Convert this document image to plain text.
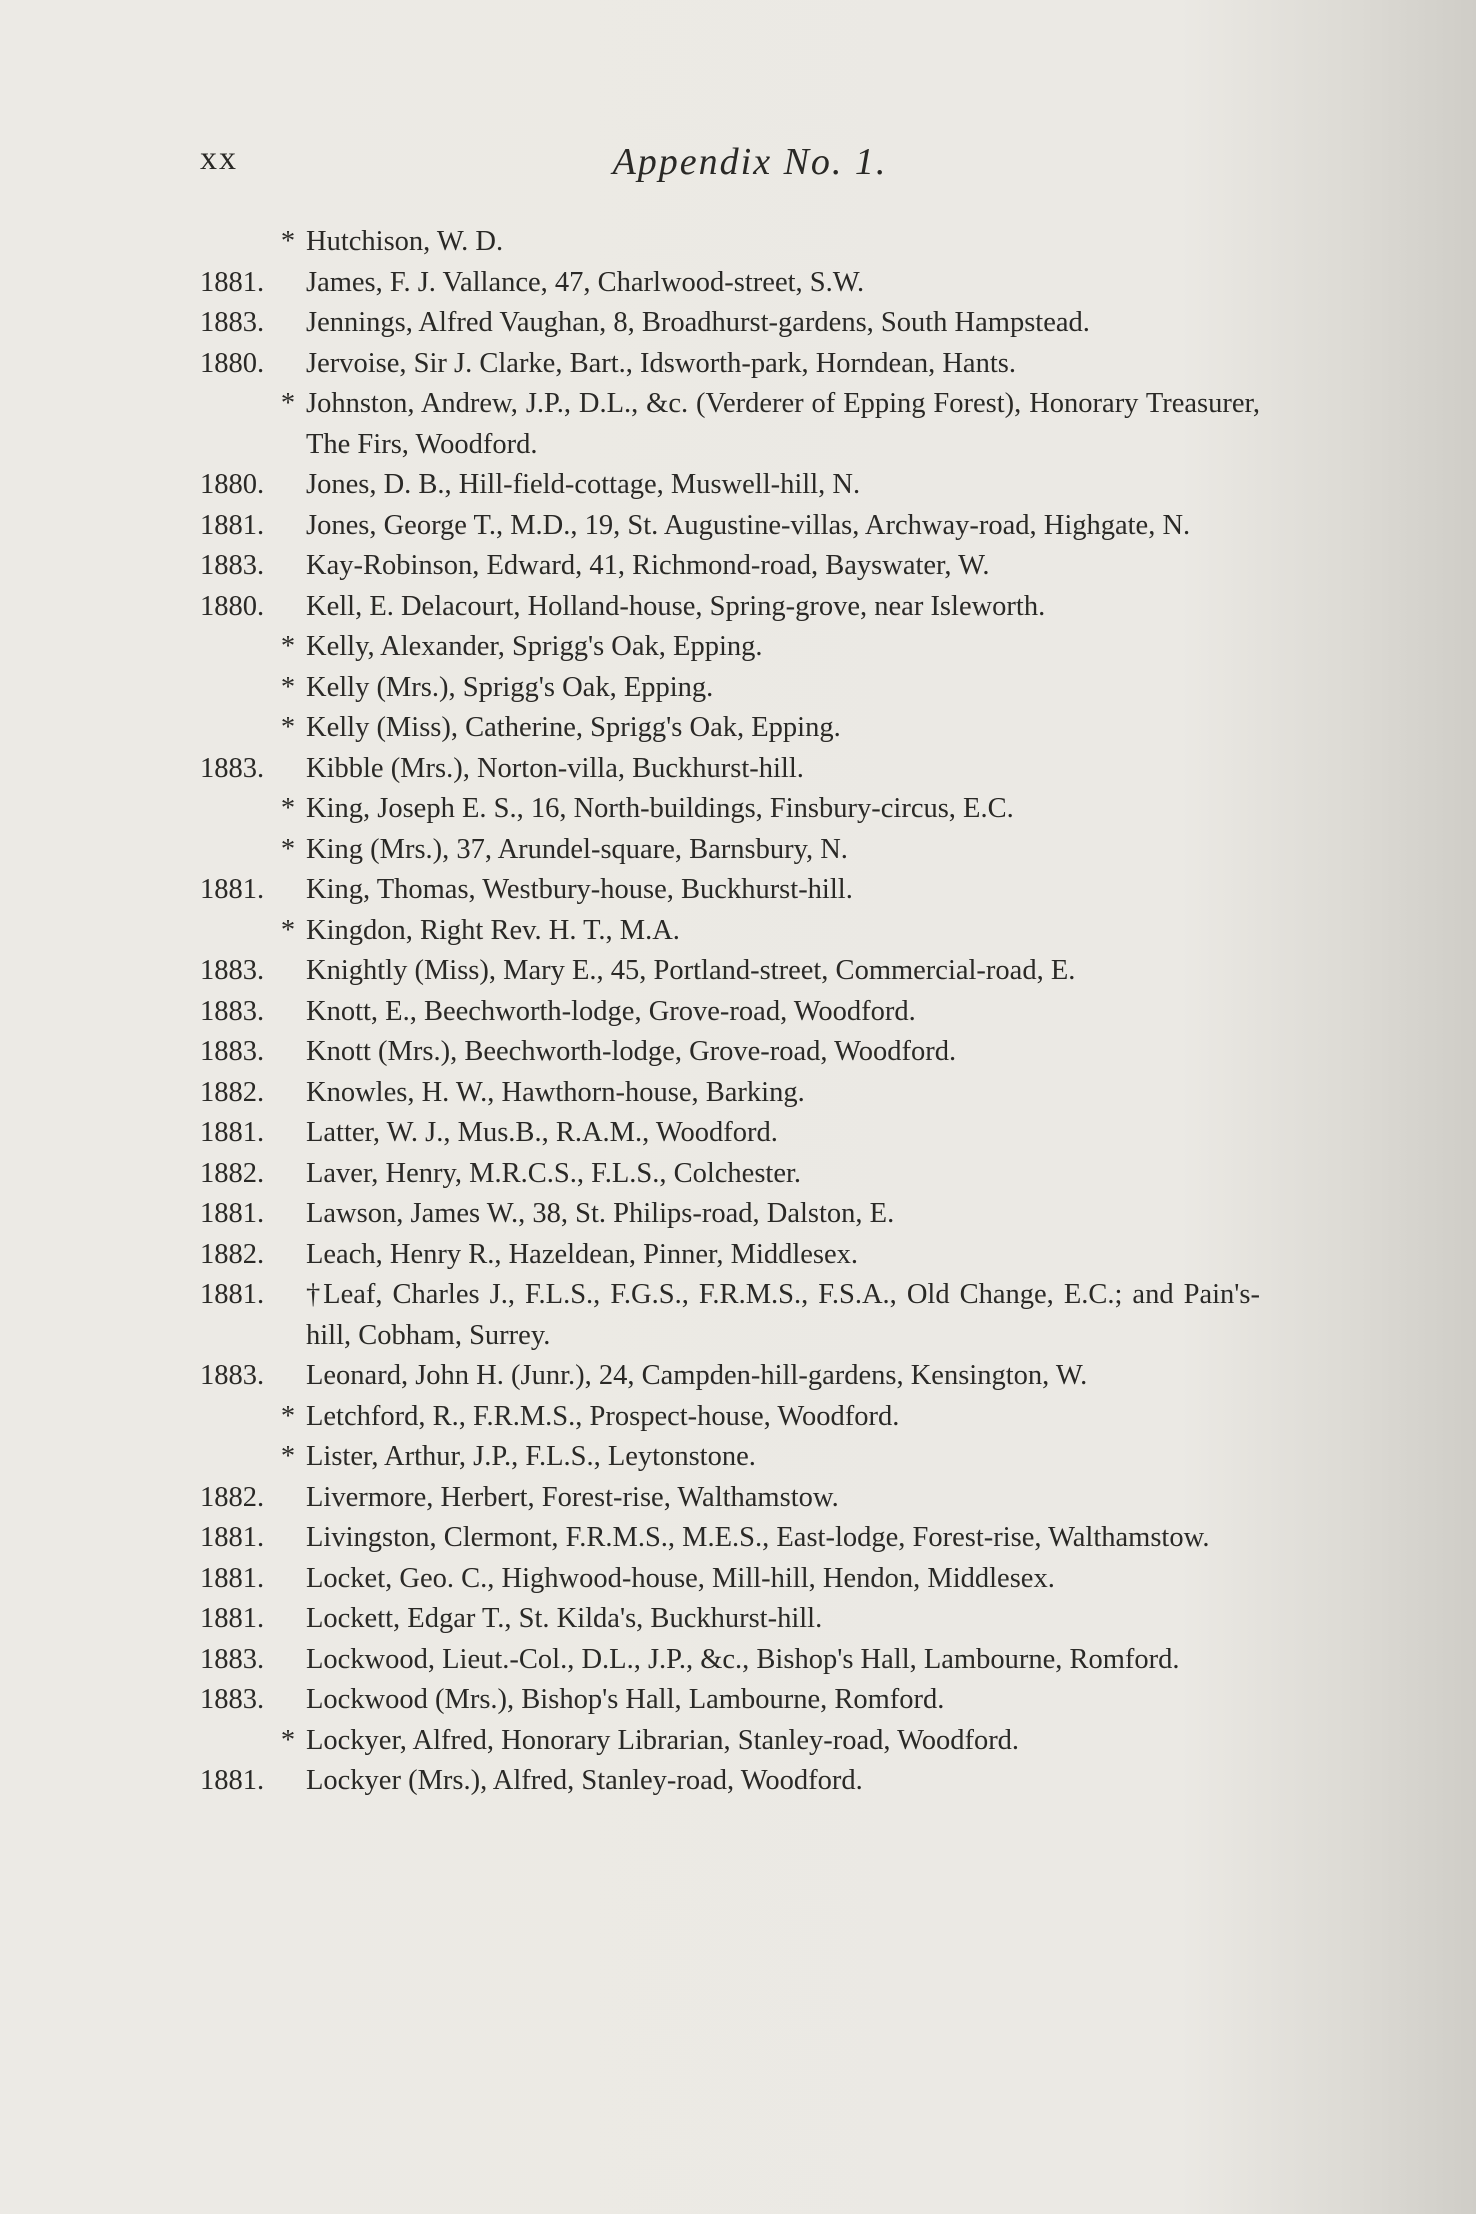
xx	Appendix No. 1.
* Hutchison, W. D.
1881.	James, F. J. Vallance, 47, Charlwood-street, S.W.
1883.	Jennings, Alfred Vaughan, 8, Broadhurst-gardens, South Hampstead.
1880.	Jervoise, Sir J. Clarke, Bart., Idsworth-park, Horndean, Hants.
* Johnston, Andrew, J.P., D.L., &c. (Verderer of Epping Forest), Honorary Treasurer, The Firs, Woodford.
1880.	Jones, D. B., Hill-field-cottage, Muswell-hill, N.
1881.	Jones, George T., M.D., 19, St. Augustine-villas, Archway-road, Highgate, N.
1883.	Kay-Robinson, Edward, 41, Richmond-road, Bayswater, W.
1880.	Kell, E. Delacourt, Holland-house, Spring-grove, near Isleworth.
* Kelly, Alexander, Sprigg's Oak, Epping.
* Kelly (Mrs.), Sprigg's Oak, Epping.
* Kelly (Miss), Catherine, Sprigg's Oak, Epping.
1883.	Kibble (Mrs.), Norton-villa, Buckhurst-hill.
* King, Joseph E. S., 16, North-buildings, Finsbury-circus, E.C.
* King (Mrs.), 37, Arundel-square, Barnsbury, N.
1881.	King, Thomas, Westbury-house, Buckhurst-hill.
* Kingdon, Right Rev. H. T., M.A.
1883.	Knightly (Miss), Mary E., 45, Portland-street, Commercial-road, E.
1883.	Knott, E., Beechworth-lodge, Grove-road, Woodford.
1883.	Knott (Mrs.), Beechworth-lodge, Grove-road, Woodford.
1882.	Knowles, H. W., Hawthorn-house, Barking.
1881.	Latter, W. J., Mus.B., R.A.M., Woodford.
1882.	Laver, Henry, M.R.C.S., F.L.S., Colchester.
1881.	Lawson, James W., 38, St. Philips-road, Dalston, E.
1882.	Leach, Henry R., Hazeldean, Pinner, Middlesex.
1881.	†Leaf, Charles J., F.L.S., F.G.S., F.R.M.S., F.S.A., Old Change, E.C.; and Pain's-hill, Cobham, Surrey.
1883.	Leonard, John H. (Junr.), 24, Campden-hill-gardens, Kensington, W.
* Letchford, R., F.R.M.S., Prospect-house, Woodford.
* Lister, Arthur, J.P., F.L.S., Leytonstone.
1882.	Livermore, Herbert, Forest-rise, Walthamstow.
1881.	Livingston, Clermont, F.R.M.S., M.E.S., East-lodge, Forest-rise, Walthamstow.
1881.	Locket, Geo. C., Highwood-house, Mill-hill, Hendon, Middlesex.
1881.	Lockett, Edgar T., St. Kilda's, Buckhurst-hill.
1883.	Lockwood, Lieut.-Col., D.L., J.P., &c., Bishop's Hall, Lambourne, Romford.
1883.	Lockwood (Mrs.), Bishop's Hall, Lambourne, Romford.
* Lockyer, Alfred, Honorary Librarian, Stanley-road, Woodford.
1881.	Lockyer (Mrs.), Alfred, Stanley-road, Woodford.
